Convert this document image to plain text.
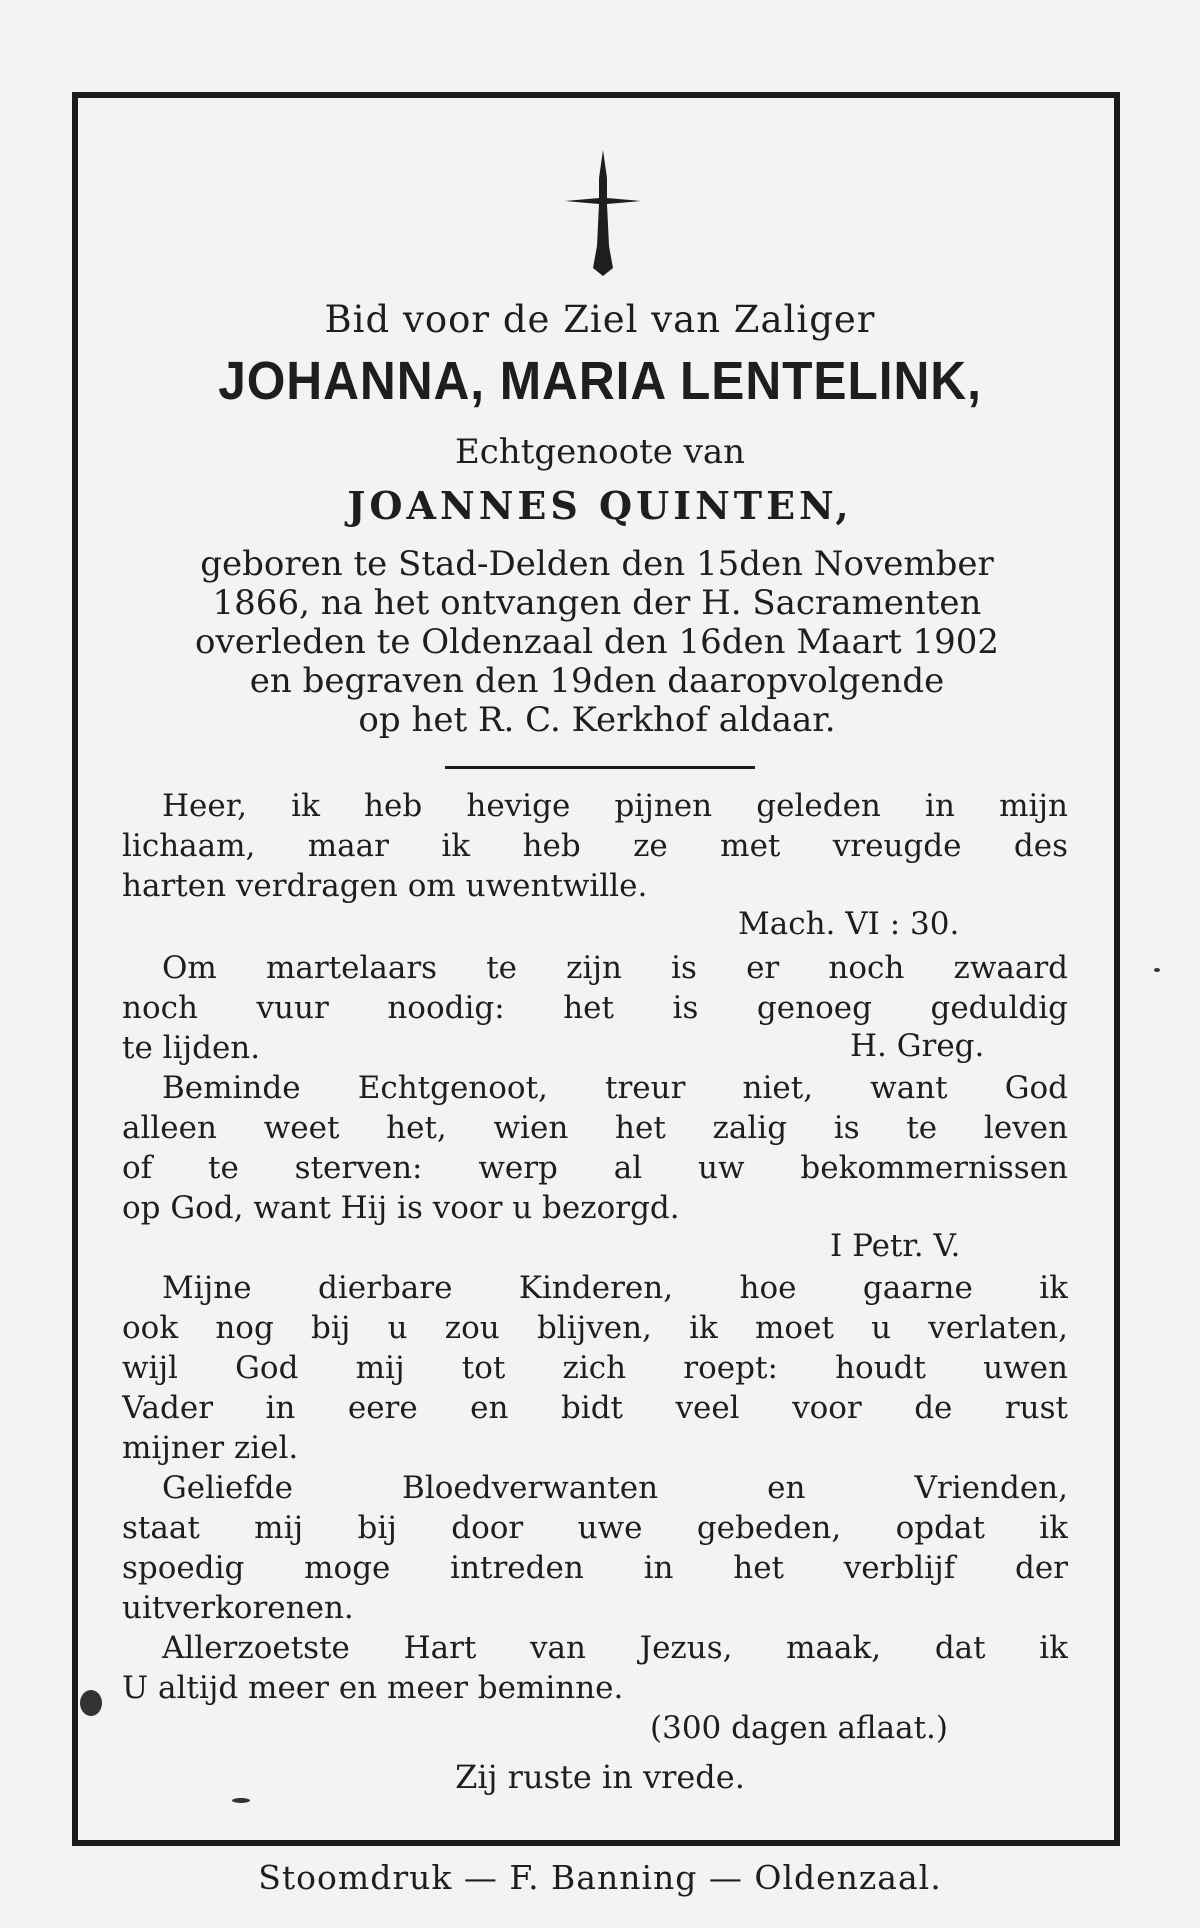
Bid voor de Ziel van Zaliger
JOHANNA, MARIA LENTELINK,
Echtgenoote van
JOANNES QUINTEN,
geboren te Stad-Delden den 15den November
1866, na het ontvangen der H. Sacramenten
overleden te Oldenzaal den 16den Maart 1902
en begraven den 19den daaropvolgende
op het R. C. Kerkhof aldaar.
Heer, ik heb hevige pijnen geleden in mijn
lichaam, maar ik heb ze met vreugde des
harten verdragen om uwentwille.
Mach. VI : 30.
Om martelaars te zijn is er noch zwaard
noch vuur noodig: het is genoeg geduldig
te lijden.	H. Greg.
Beminde Echtgenoot, treur niet, want God
alleen weet het, wien het zalig is te leven
of te sterven: werp al uw bekommernissen
op God, want Hij is voor u bezorgd.
I Petr. V.
Mijne dierbare Kinderen, hoe gaarne ik
ook nog bij u zou blijven, ik moet u verlaten,
wijl God mij tot zich roept: houdt uwen
Vader in eere en bidt veel voor de rust
mijner ziel.
Geliefde Bloedverwanten en Vrienden,
staat mij bij door uwe gebeden, opdat ik
spoedig moge intreden in het verblijf der
uitverkorenen.
Allerzoetste Hart van Jezus, maak, dat ik
U altijd meer en meer beminne.
(300 dagen aflaat.)
Zij ruste in vrede.
Stoomdruk — F. Banning — Oldenzaal.
